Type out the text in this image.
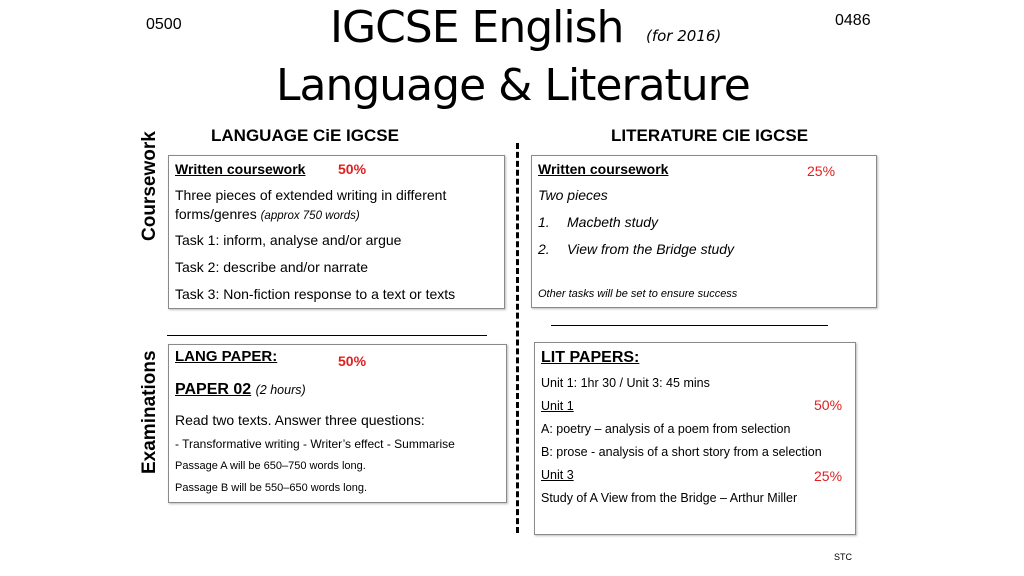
0500	0486
IGCSE English (for 2016)
Language & Literature
LANGUAGE CiE IGCSE	LITERATURE CIE IGCSE
Coursework
Examinations
Written coursework 50%
Three pieces of extended writing in different
forms/genres (approx 750 words)
Task 1: inform, analyse and/or argue
Task 2: describe and/or narrate
Task 3: Non-fiction response to a text or texts
Written coursework	25%
Two pieces
1. Macbeth study
2. View from the Bridge study
Other tasks will be set to ensure success
LANG PAPER:	50%
PAPER 02 (2 hours)
Read two texts. Answer three questions:
- Transformative writing - Writer’s effect - Summarise
Passage A will be 650–750 words long.
Passage B will be 550–650 words long.
LIT PAPERS:
Unit 1: 1hr 30 / Unit 3: 45 mins
Unit 1	50%
A: poetry – analysis of a poem from selection
B: prose - analysis of a short story from a selection
Unit 3	25%
Study of A View from the Bridge – Arthur Miller
STC
